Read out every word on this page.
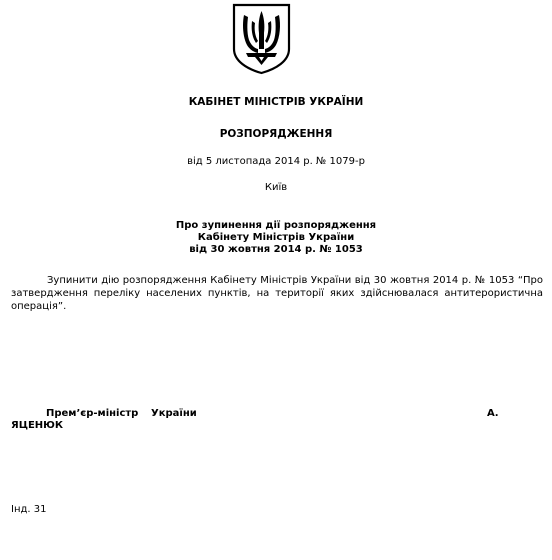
КАБІНЕТ МІНІСТРІВ УКРАЇНИ
РОЗПОРЯДЖЕННЯ
від 5 листопада 2014 р. № 1079-р
Київ
Про зупинення дії розпорядження
Кабінету Міністрів України
від 30 жовтня 2014 р. № 1053
Зупинити дію розпорядження Кабінету Міністрів України від 30 жовтня 2014 р. № 1053 “Про затвердження переліку населених пунктів, на території яких здійснювалася антитерористична операція”.
Прем’єр-міністр України	А.
ЯЦЕНЮК
Інд. 31
